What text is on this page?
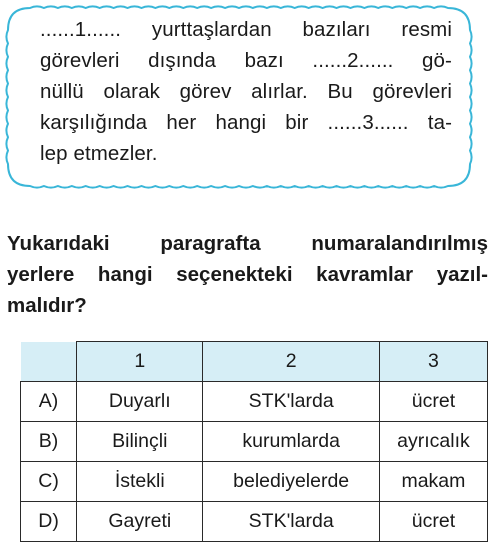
......1...... yurttaşlardan bazıları resmi
görevleri dışında bazı ......2...... gö-
nüllü olarak görev alırlar. Bu görevleri
karşılığında her hangi bir ......3...... ta-
lep etmezler.
Yukarıdaki paragrafta numaralandırılmış
yerlere hangi seçenekteki kavramlar yazıl-
malıdır?
	1	2	3
A)	Duyarlı	STK'larda	ücret
B)	Bilinçli	kurumlarda	ayrıcalık
C)	İstekli	belediyelerde	makam
D)	Gayreti	STK'larda	ücret
